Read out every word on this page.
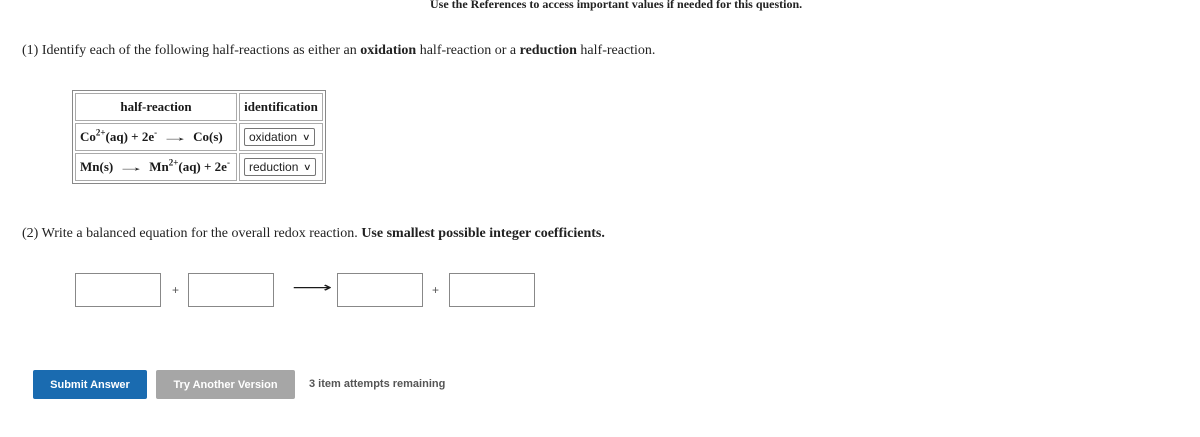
Use the References to access important values if needed for this question.
(1) Identify each of the following half-reactions as either an oxidation half-reaction or a reduction half-reaction.
half-reaction	identification
$Co^{2+}(aq) + 2e^- \to Co(s)$	oxidation ∨

$Mn(s) \to Mn^{2+}(aq) + 2e^-$	reduction ∨
(2) Write a balanced equation for the overall redox reaction. Use smallest possible integer coefficients.
+	⟶	+
Submit Answer	Try Another Version	3 item attempts remaining
